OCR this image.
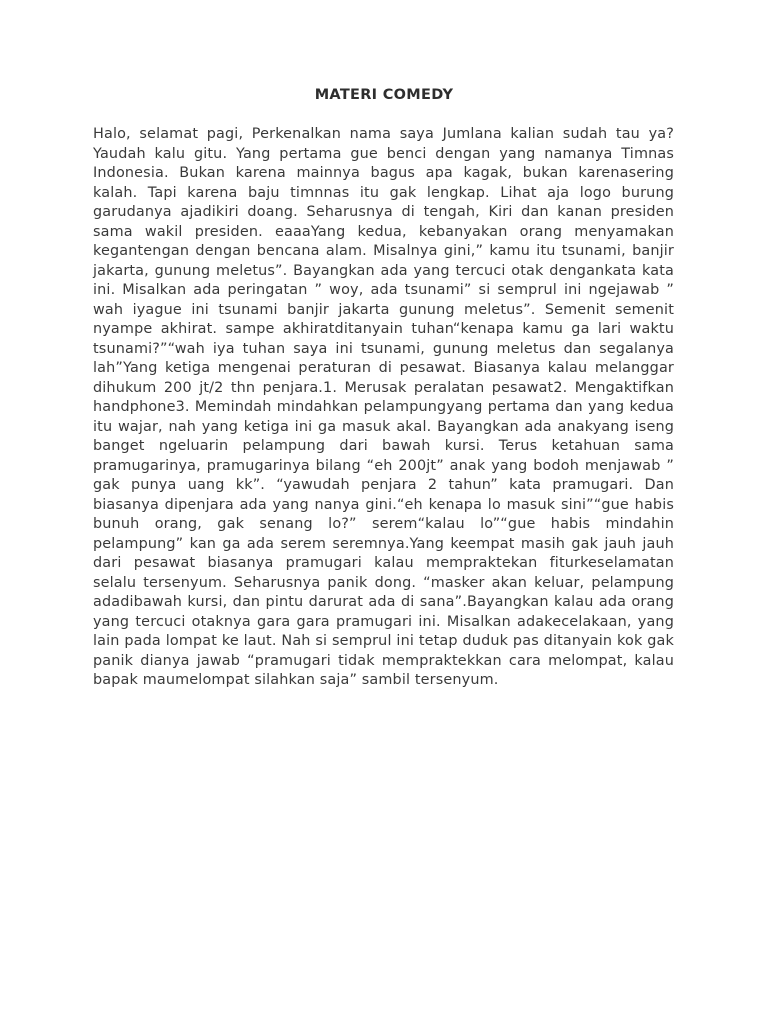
MATERI COMEDY

Halo, selamat pagi, Perkenalkan nama saya Jumlana kalian sudah tau ya? Yaudah kalu gitu. Yang pertama gue benci dengan yang namanya Timnas Indonesia. Bukan karena mainnya bagus apa kagak, bukan karenasering kalah. Tapi karena baju timnnas itu gak lengkap. Lihat aja logo burung garudanya ajadikiri doang. Seharusnya di tengah, Kiri dan kanan presiden sama wakil presiden. eaaaYang kedua, kebanyakan orang menyamakan kegantengan dengan bencana alam. Misalnya gini,” kamu itu tsunami, banjir jakarta, gunung meletus”. Bayangkan ada yang tercuci otak dengankata kata ini. Misalkan ada peringatan ” woy, ada tsunami” si semprul ini ngejawab ” wah iyague ini tsunami banjir jakarta gunung meletus”. Semenit semenit nyampe akhirat. sampe akhiratditanyain tuhan“kenapa kamu ga lari waktu tsunami?”“wah iya tuhan saya ini tsunami, gunung meletus dan segalanya lah”Yang ketiga mengenai peraturan di pesawat. Biasanya kalau melanggar dihukum 200 jt/2 thn penjara.1. Merusak peralatan pesawat2. Mengaktifkan handphone3. Memindah mindahkan pelampungyang pertama dan yang kedua itu wajar, nah yang ketiga ini ga masuk akal. Bayangkan ada anakyang iseng banget ngeluarin pelampung dari bawah kursi. Terus ketahuan sama pramugarinya, pramugarinya bilang “eh 200jt” anak yang bodoh menjawab ” gak punya uang kk”. “yawudah penjara 2 tahun” kata pramugari. Dan biasanya dipenjara ada yang nanya gini.“eh kenapa lo masuk sini”“gue habis bunuh orang, gak senang lo?” serem“kalau lo”“gue habis mindahin pelampung” kan ga ada serem seremnya.Yang keempat masih gak jauh jauh dari pesawat biasanya pramugari kalau mempraktekan fiturkeselamatan selalu tersenyum. Seharusnya panik dong. “masker akan keluar, pelampung adadibawah kursi, dan pintu darurat ada di sana”.Bayangkan kalau ada orang yang tercuci otaknya gara gara pramugari ini. Misalkan adakecelakaan, yang lain pada lompat ke laut. Nah si semprul ini tetap duduk pas ditanyain kok gak panik dianya jawab “pramugari tidak mempraktekkan cara melompat, kalau bapak maumelompat silahkan saja” sambil tersenyum.
